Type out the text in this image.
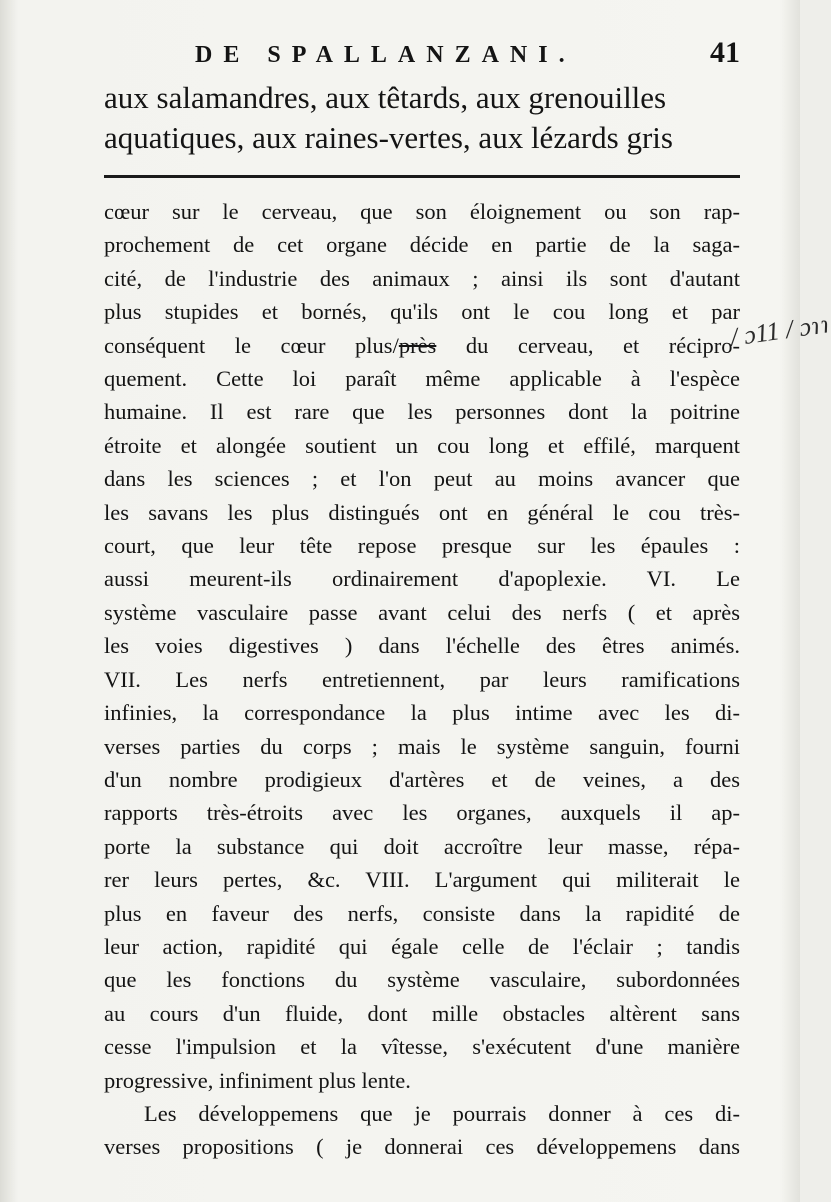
DE SPALLANZANI.	41
aux salamandres, aux têtards, aux grenouilles
aquatiques, aux raines-vertes, aux lézards gris
cœur sur le cerveau, que son éloignement ou son rap-
prochement de cet organe décide en partie de la saga-
cité, de l'industrie des animaux ; ainsi ils sont d'autant
plus stupides et bornés, qu'ils ont le cou long et par
conséquent le cœur plus/près du cerveau, et récipro-
quement. Cette loi paraît même applicable à l'espèce
humaine. Il est rare que les personnes dont la poitrine
étroite et alongée soutient un cou long et effilé, marquent
dans les sciences ; et l'on peut au moins avancer que
les savans les plus distingués ont en général le cou très-
court, que leur tête repose presque sur les épaules :
aussi meurent-ils ordinairement d'apoplexie. VI. Le
système vasculaire passe avant celui des nerfs ( et après
les voies digestives ) dans l'échelle des êtres animés.
VII. Les nerfs entretiennent, par leurs ramifications
infinies, la correspondance la plus intime avec les di-
verses parties du corps ; mais le système sanguin, fourni
d'un nombre prodigieux d'artères et de veines, a des
rapports très-étroits avec les organes, auxquels il ap-
porte la substance qui doit accroître leur masse, répa-
rer leurs pertes, &c. VIII. L'argument qui militerait le
plus en faveur des nerfs, consiste dans la rapidité de
leur action, rapidité qui égale celle de l'éclair ; tandis
que les fonctions du système vasculaire, subordonnées
au cours d'un fluide, dont mille obstacles altèrent sans
cesse l'impulsion et la vîtesse, s'exécutent d'une manière
progressive, infiniment plus lente.
Les développemens que je pourrais donner à ces di-
verses propositions ( je donnerai ces développemens dans
/ ɔ11 / ɔɿɿ
